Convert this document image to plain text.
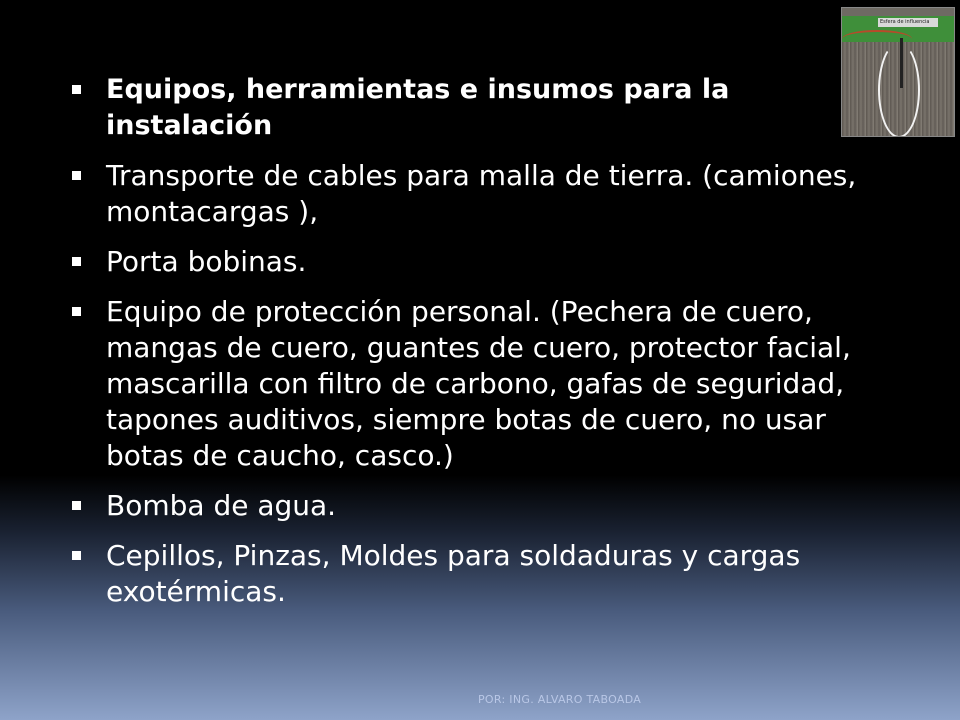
Equipos, herramientas e insumos para la instalación
Transporte de cables para malla de tierra. (camiones, montacargas ),
Porta bobinas.
Equipo de protección personal. (Pechera de cuero, mangas de cuero, guantes de cuero, protector facial, mascarilla con filtro de carbono, gafas de seguridad, tapones auditivos, siempre botas de cuero, no usar botas de caucho, casco.)
Bomba de agua.
Cepillos, Pinzas, Moldes para soldaduras y cargas exotérmicas.
Esfera de influencia
POR: ING. ALVARO TABOADA
